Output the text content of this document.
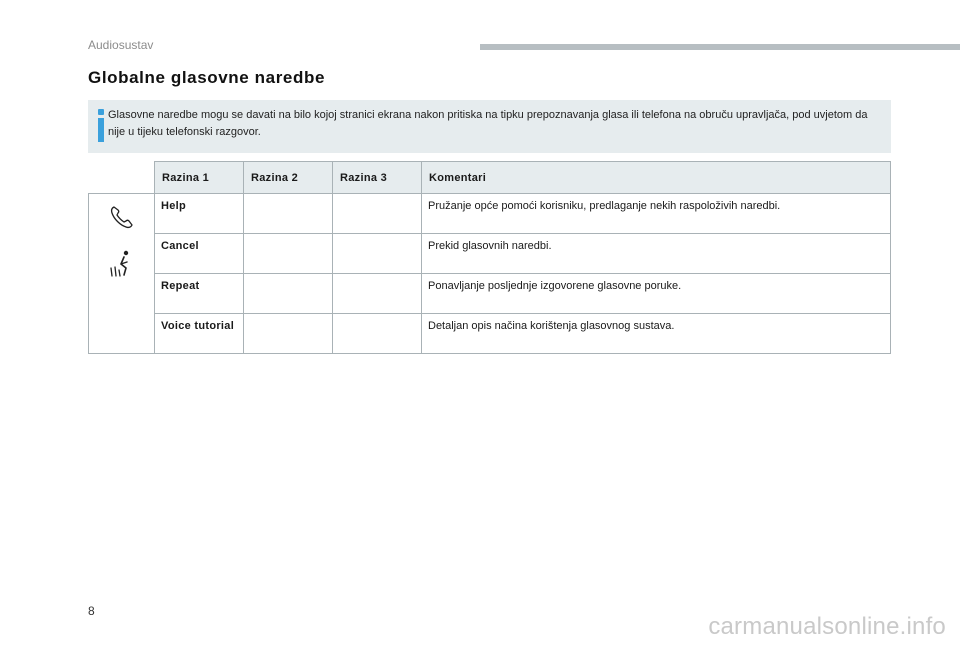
Audiosustav
Globalne glasovne naredbe
Glasovne naredbe mogu se davati na bilo kojoj stranici ekrana nakon pritiska na tipku prepoznavanja glasa ili telefona na obruču upravljača, pod uvjetom da nije u tijeku telefonski razgovor.
	Razina 1	Razina 2	Razina 3	Komentari

	Help			Pružanje opće pomoći korisniku, predlaganje nekih raspoloživih naredbi.
	Cancel			Prekid glasovnih naredbi.
	Repeat			Ponavljanje posljednje izgovorene glasovne poruke.
	Voice tutorial			Detaljan opis načina korištenja glasovnog sustava.
8
carmanualsonline.info
